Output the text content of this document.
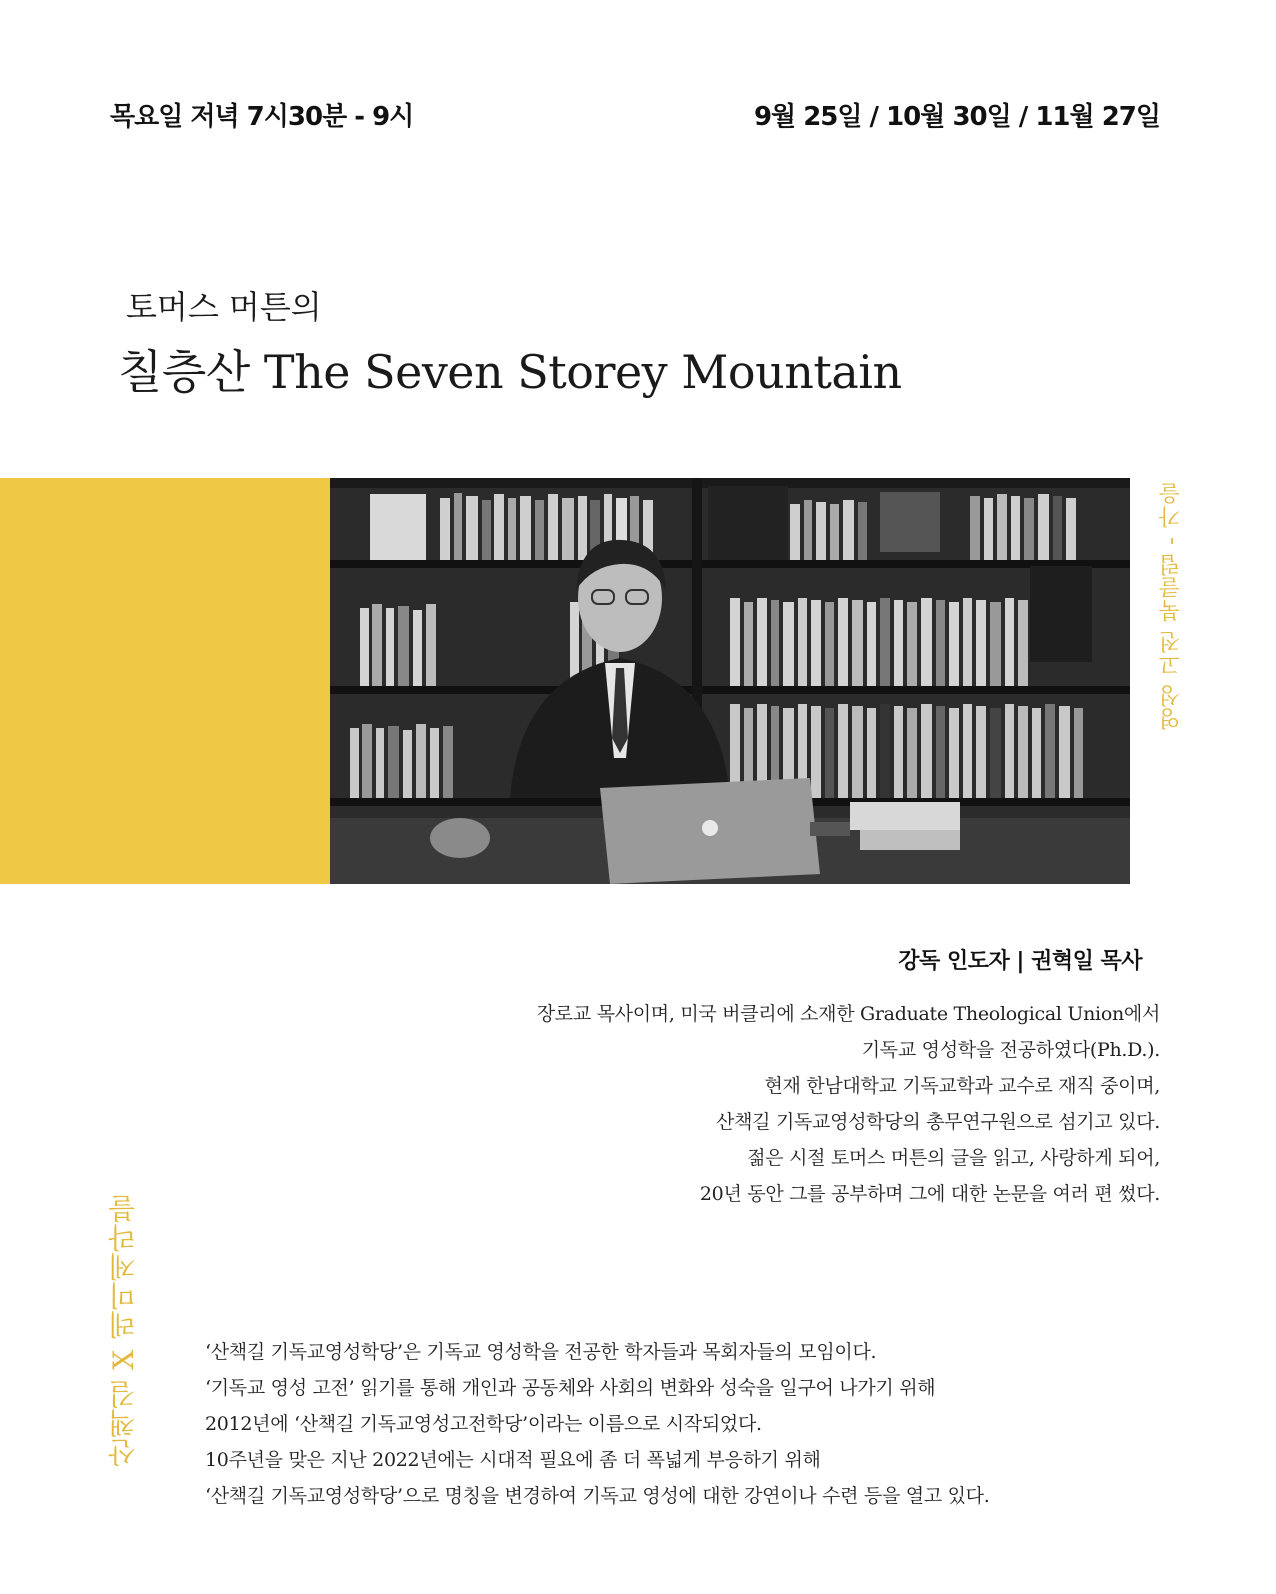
목요일 저녁 7시30분 - 9시	9월 25일 / 10월 30일 / 11월 27일
토머스 머튼의
칠층산 The Seven Storey Mountain
영성 고전 북클럽 - 가을
산책길 X 레미제라블
강독 인도자 | 권혁일 목사
장로교 목사이며, 미국 버클리에 소재한 Graduate Theological Union에서
기독교 영성학을 전공하였다(Ph.D.).
현재 한남대학교 기독교학과 교수로 재직 중이며,
산책길 기독교영성학당의 총무연구원으로 섬기고 있다.
젊은 시절 토머스 머튼의 글을 읽고, 사랑하게 되어,
20년 동안 그를 공부하며 그에 대한 논문을 여러 편 썼다.
‘산책길 기독교영성학당’은 기독교 영성학을 전공한 학자들과 목회자들의 모임이다.
‘기독교 영성 고전’ 읽기를 통해 개인과 공동체와 사회의 변화와 성숙을 일구어 나가기 위해
2012년에 ‘산책길 기독교영성고전학당’이라는 이름으로 시작되었다.
10주년을 맞은 지난 2022년에는 시대적 필요에 좀 더 폭넓게 부응하기 위해
‘산책길 기독교영성학당’으로 명칭을 변경하여 기독교 영성에 대한 강연이나 수련 등을 열고 있다.
